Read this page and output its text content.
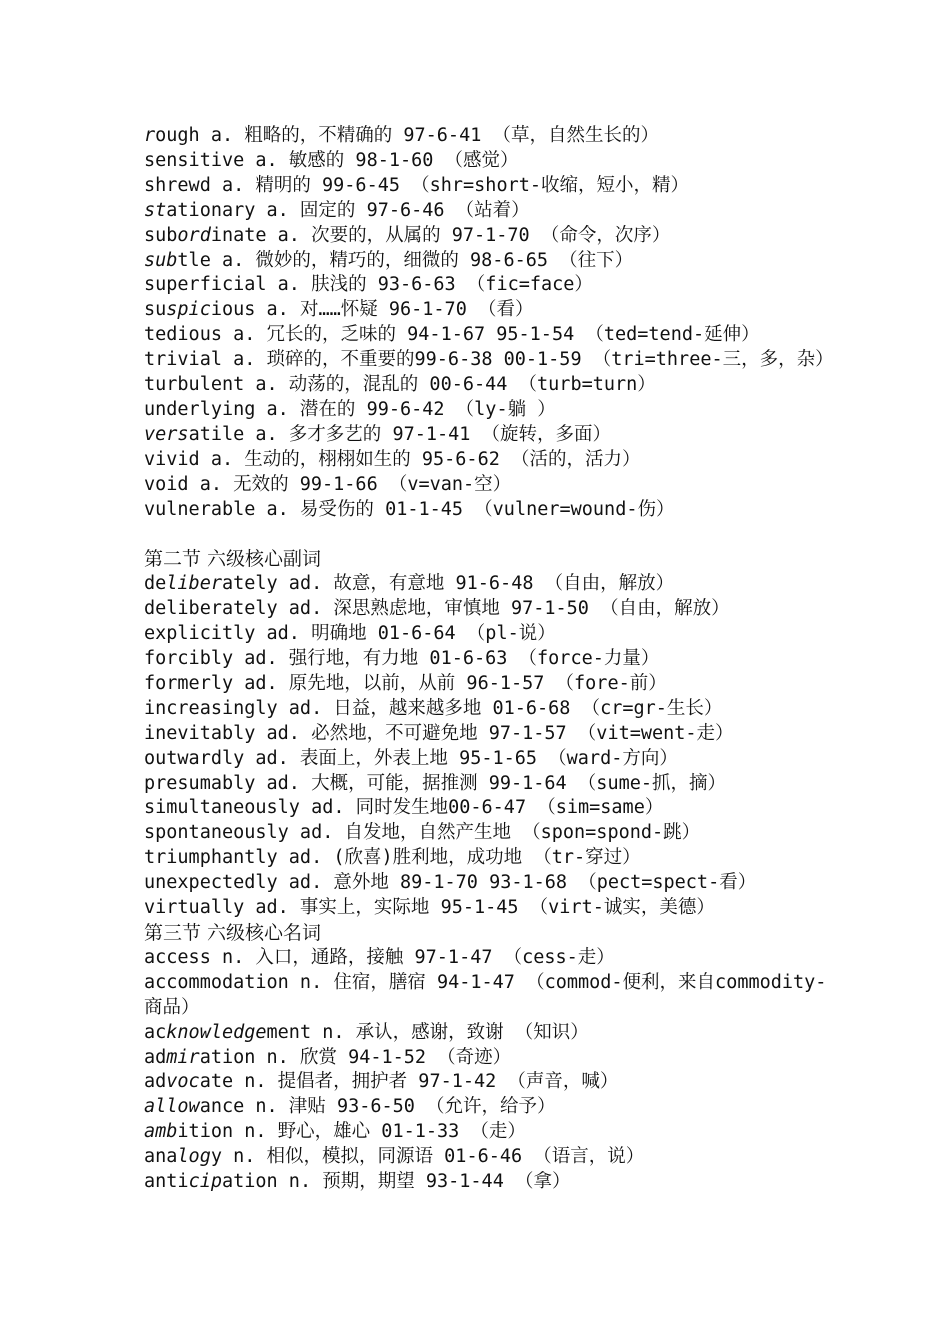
rough a. 粗略的，不精确的 97-6-41 （草，自然生长的）
sensitive a. 敏感的 98-1-60 （感觉）
shrewd a. 精明的 99-6-45 （shr=short-收缩，短小，精）
stationary a. 固定的 97-6-46 （站着）
subordinate a. 次要的，从属的 97-1-70 （命令，次序）
subtle a. 微妙的，精巧的，细微的 98-6-65 （往下）
superficial a. 肤浅的 93-6-63 （fic=face）
suspicious a. 对……怀疑 96-1-70 （看）
tedious a. 冗长的，乏味的 94-1-67 95-1-54 （ted=tend-延伸）
trivial a. 琐碎的，不重要的99-6-38 00-1-59 （tri=three-三，多，杂）
turbulent a. 动荡的，混乱的 00-6-44 （turb=turn）
underlying a. 潜在的 99-6-42 （ly-躺 ）
versatile a. 多才多艺的 97-1-41 （旋转，多面）
vivid a. 生动的，栩栩如生的 95-6-62 （活的，活力）
void a. 无效的 99-1-66 （v=van-空）
vulnerable a. 易受伤的 01-1-45 （vulner=wound-伤）
第二节 六级核心副词
deliberately ad. 故意，有意地 91-6-48 （自由，解放）
deliberately ad. 深思熟虑地，审慎地 97-1-50 （自由，解放）
explicitly ad. 明确地 01-6-64 （pl-说）
forcibly ad. 强行地，有力地 01-6-63 （force-力量）
formerly ad. 原先地，以前，从前 96-1-57 （fore-前）
increasingly ad. 日益，越来越多地 01-6-68 （cr=gr-生长）
inevitably ad. 必然地，不可避免地 97-1-57 （vit=went-走）
outwardly ad. 表面上，外表上地 95-1-65 （ward-方向）
presumably ad. 大概，可能，据推测 99-1-64 （sume-抓，摘）
simultaneously ad. 同时发生地00-6-47 （sim=same）
spontaneously ad. 自发地，自然产生地 （spon=spond-跳）
triumphantly ad. (欣喜)胜利地，成功地 （tr-穿过）
unexpectedly ad. 意外地 89-1-70 93-1-68 （pect=spect-看）
virtually ad. 事实上，实际地 95-1-45 （virt-诚实，美德）
第三节 六级核心名词
access n. 入口，通路，接触 97-1-47 （cess-走）
accommodation n. 住宿，膳宿 94-1-47 （commod-便利，来自commodity-商品）
acknowledgement n. 承认，感谢，致谢 （知识）
admiration n. 欣赏 94-1-52 （奇迹）
advocate n. 提倡者，拥护者 97-1-42 （声音，喊）
allowance n. 津贴 93-6-50 （允许，给予）
ambition n. 野心，雄心 01-1-33 （走）
analogy n. 相似，模拟，同源语 01-6-46 （语言，说）
anticipation n. 预期，期望 93-1-44 （拿）
